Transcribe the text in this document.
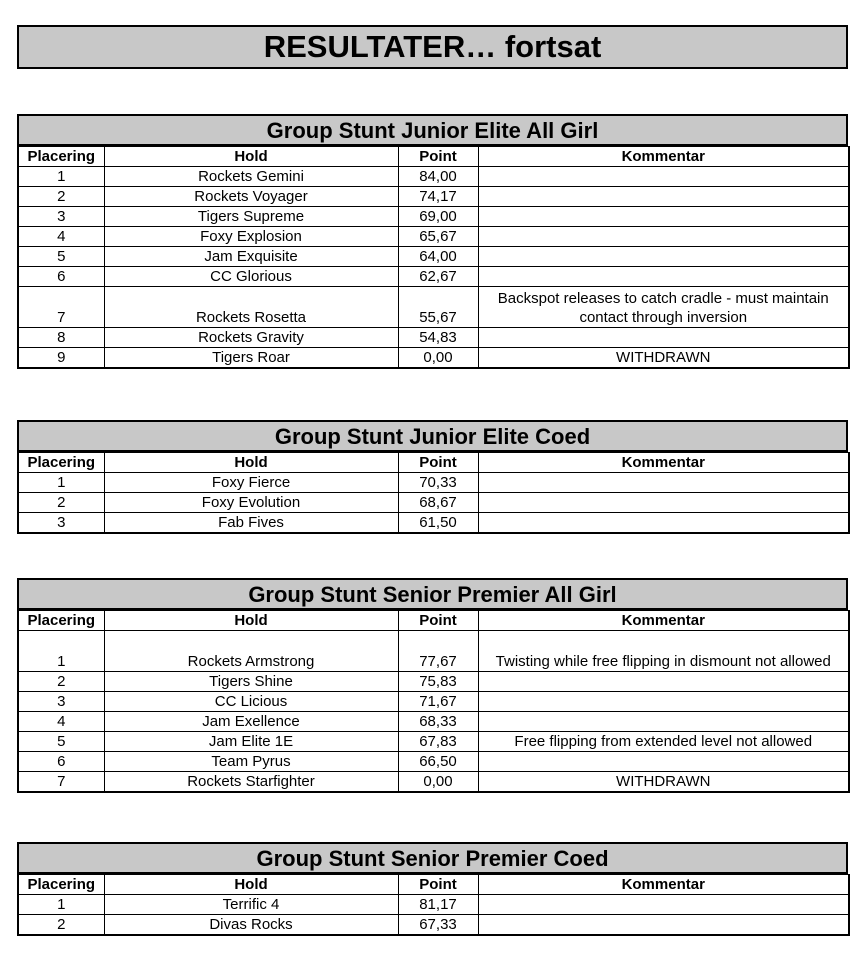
RESULTATER… fortsat
Group Stunt Junior Elite All Girl
Placering	Hold	Point	Kommentar
1	Rockets Gemini	84,00	
2	Rockets Voyager	74,17	
3	Tigers Supreme	69,00	
4	Foxy Explosion	65,67	
5	Jam Exquisite	64,00	
6	CC Glorious	62,67	
7	Rockets Rosetta	55,67	Backspot releases to catch cradle - must maintain contact through inversion
8	Rockets Gravity	54,83	
9	Tigers Roar	0,00	WITHDRAWN
Group Stunt Junior Elite Coed
Placering	Hold	Point	Kommentar
1	Foxy Fierce	70,33	
2	Foxy Evolution	68,67	
3	Fab Fives	61,50	
Group Stunt Senior Premier All Girl
Placering	Hold	Point	Kommentar
1	Rockets Armstrong	77,67	Twisting while free flipping in dismount not allowed
2	Tigers Shine	75,83	
3	CC Licious	71,67	
4	Jam Exellence	68,33	
5	Jam Elite 1E	67,83	Free flipping from extended level not allowed
6	Team Pyrus	66,50	
7	Rockets Starfighter	0,00	WITHDRAWN
Group Stunt Senior Premier Coed
Placering	Hold	Point	Kommentar
1	Terrific 4	81,17	
2	Divas Rocks	67,33	
